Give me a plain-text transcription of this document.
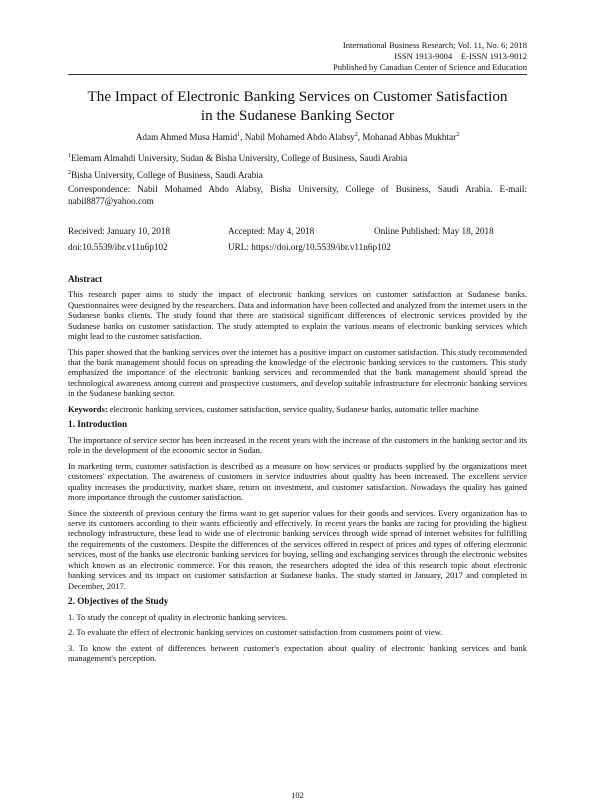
International Business Research; Vol. 11, No. 6; 2018
ISSN 1913-9004    E-ISSN 1913-9012
Published by Canadian Center of Science and Education
The Impact of Electronic Banking Services on Customer Satisfaction
in the Sudanese Banking Sector
Adam Ahmed Musa Hamid$^1$, Nabil Mohamed Abdo Alabsy$^2$, Mohanad Abbas Mukhtar$^2$
$^1$Elemam Almahdi University, Sudan & Bisha University, College of Business, Saudi Arabia
$^2$Bisha University, College of Business, Saudi Arabia
Correspondence: Nabil Mohamed Abdo Alabsy, Bisha University, College of Business, Saudi Arabia. E-mail: nabil8877@yahoo.com
Received: January 10, 2018	Accepted: May 4, 2018	Online Published: May 18, 2018
doi:10.5539/ibr.v11n6p102	URL: https://doi.org/10.5539/ibr.v11n6p102
Abstract

This research paper aims to study the impact of electronic banking services on customer satisfaction at Sudanese banks. Questionnaires were designed by the researchers. Data and information have been collected and analyzed from the internet users in the Sudanese banks clients. The study found that there are statistical significant differences of electronic services provided by the Sudanese banks on customer satisfaction. The study attempted to explain the various means of electronic banking services which might lead to the customer satisfaction.

This paper showed that the banking services over the internet has a positive impact on customer satisfaction. This study recommended that the bank management should focus on spreading the knowledge of the electronic banking services to the customers. This study emphasized the importance of the electronic banking services and recommended that the bank management should spread the technological awareness among current and prospective customers, and develop suitable infrastructure for electronic banking services in the Sudanese banking sector.

Keywords: electronic banking services, customer satisfaction, service quality, Sudanese banks, automatic teller machine

1. Introduction

The importance of service sector has been increased in the recent years with the increase of the customers in the banking sector and its role in the development of the economic sector in Sudan.

In marketing term, customer satisfaction is described as a measure on how services or products supplied by the organizations meet customers' expectation. The awareness of customers in service industries about quality has been increased. The excellent service quality increases the productivity, market share, return on investment, and customer satisfaction. Nowadays the quality has gained more importance through the customer satisfaction.

Since the sixteenth of previous century the firms want to get superior values for their goods and services. Every organization has to serve its customers according to their wants efficiently and effectively. In recent years the banks are racing for providing the highest technology infrastructure, these lead to wide use of electronic banking services through wide spread of internet websites for fulfilling the requirements of the customers. Despite the differences of the services offered in respect of prices and types of offering electronic services, most of the banks use electronic banking services for buying, selling and exchanging services through the electronic websites which known as an electronic commerce. For this reason, the researchers adopted the idea of this research topic about electronic banking services and its impact on customer satisfaction at Sudanese banks. The study started in January, 2017 and completed in December, 2017.

2. Objectives of the Study

1. To study the concept of quality in electronic banking services.

2. To evaluate the effect of electronic banking services on customer satisfaction from customers point of view.

3. To know the extent of differences between customer's expectation about quality of electronic banking services and bank management's perception.

102
